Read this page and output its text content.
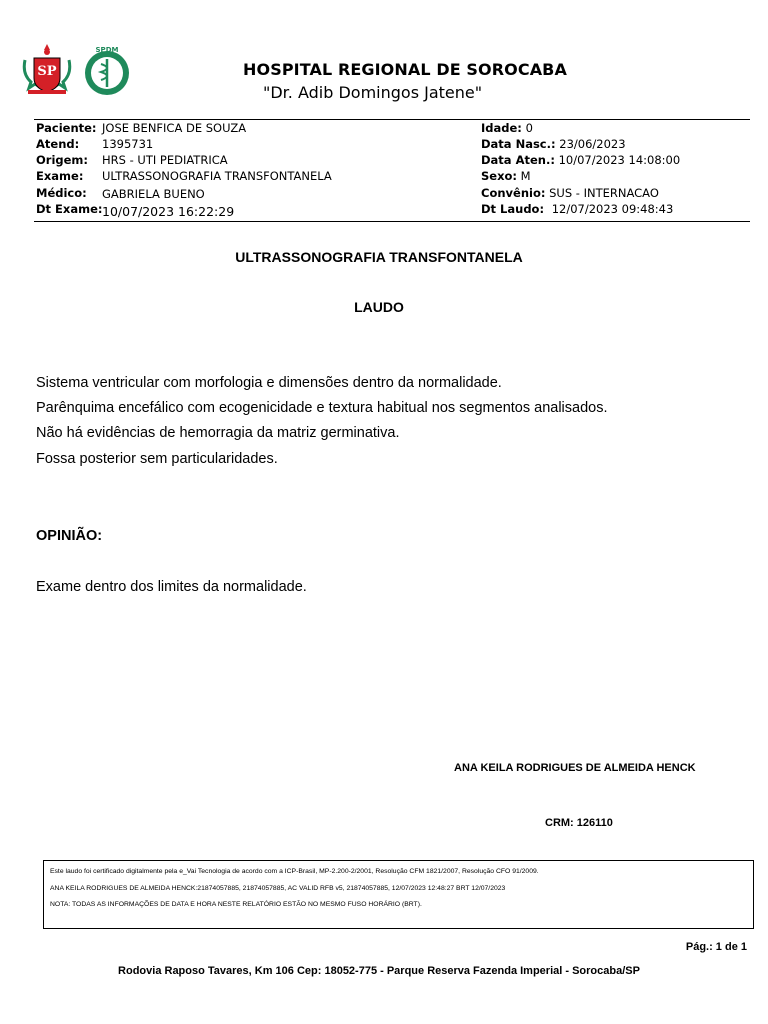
SP
SPDM
HOSPITAL REGIONAL DE SOROCABA
"Dr. Adib Domingos Jatene"
Paciente: JOSE BENFICA DE SOUZA
Atend: 1395731
Origem: HRS - UTI PEDIATRICA
Exame: ULTRASSONOGRAFIA TRANSFONTANELA
Médico: GABRIELA BUENO
Dt Exame: 10/07/2023 16:22:29
Idade: 0
Data Nasc.: 23/06/2023
Data Aten.: 10/07/2023 14:08:00
Sexo: M
Convênio: SUS - INTERNACAO
Dt Laudo: 12/07/2023 09:48:43
ULTRASSONOGRAFIA TRANSFONTANELA
LAUDO
Sistema ventricular com morfologia e dimensões dentro da normalidade.
Parênquima encefálico com ecogenicidade e textura habitual nos segmentos analisados.
Não há evidências de hemorragia da matriz germinativa.
Fossa posterior sem particularidades.
OPINIÃO:
Exame dentro dos limites da normalidade.
ANA KEILA RODRIGUES DE ALMEIDA HENCK
CRM: 126110
Este laudo foi certificado digitalmente pela e_Vai Tecnologia de acordo com a ICP-Brasil, MP-2.200-2/2001, Resolução CFM 1821/2007, Resolução CFO 91/2009.
ANA KEILA RODRIGUES DE ALMEIDA HENCK:21874057885, 21874057885, AC VALID RFB v5, 21874057885, 12/07/2023 12:48:27 BRT 12/07/2023
NOTA: TODAS AS INFORMAÇÕES DE DATA E HORA NESTE RELATÓRIO ESTÃO NO MESMO FUSO HORÁRIO (BRT).
Pág.: 1 de 1
Rodovia Raposo Tavares, Km 106 Cep: 18052-775 - Parque Reserva Fazenda Imperial - Sorocaba/SP
